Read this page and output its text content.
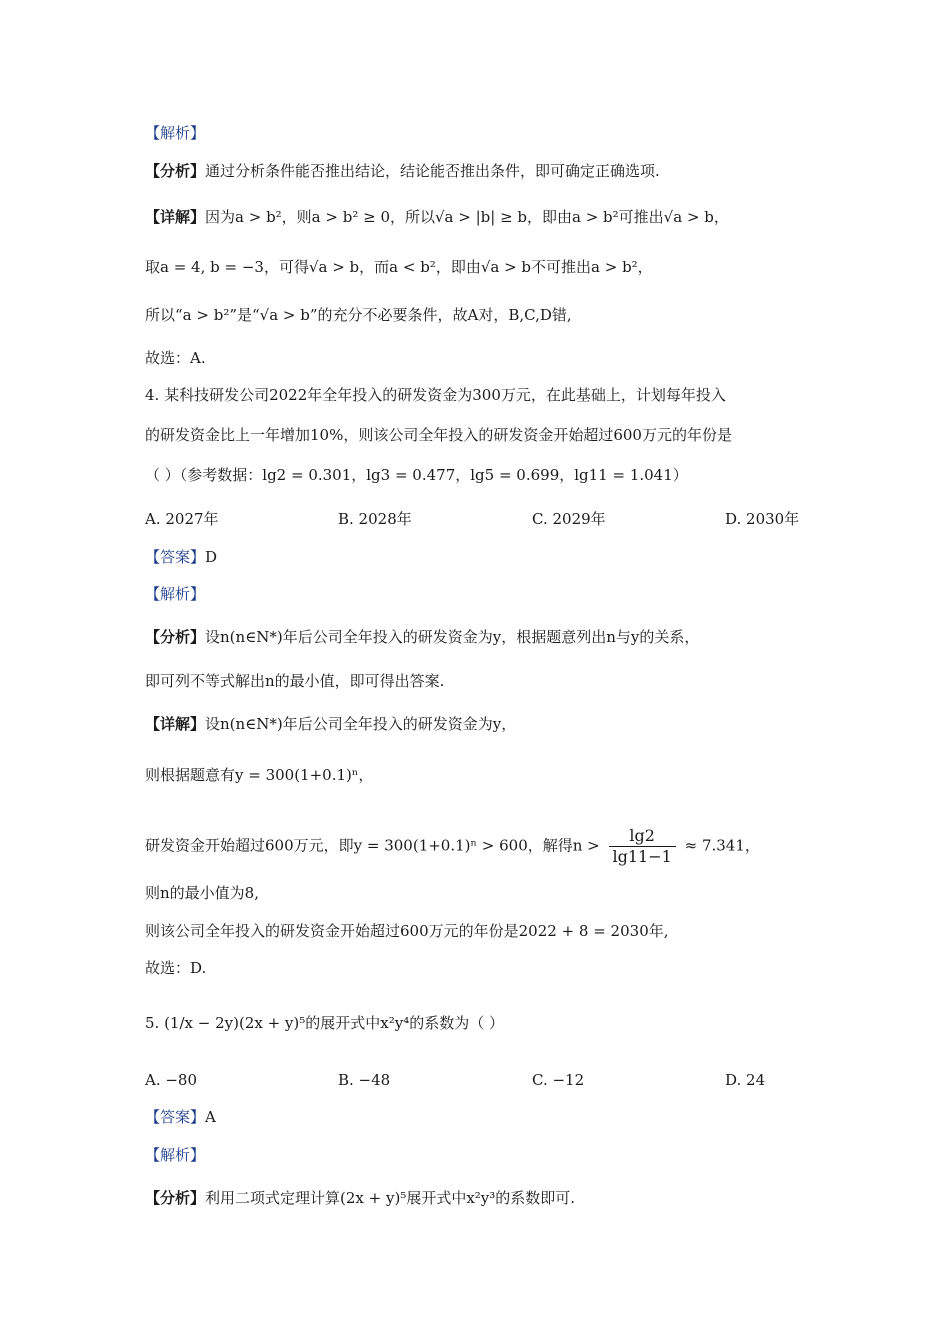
【解析】
【分析】通过分析条件能否推出结论，结论能否推出条件，即可确定正确选项.
【详解】因为a > b²，则a > b² ≥ 0，所以√a > |b| ≥ b，即由a > b²可推出√a > b，
取a = 4, b = −3，可得√a > b，而a < b²，即由√a > b不可推出a > b²，
所以“a > b²”是“√a > b”的充分不必要条件，故A对，B,C,D错,
故选：A.
4. 某科技研发公司2022年全年投入的研发资金为300万元，在此基础上，计划每年投入
的研发资金比上一年增加10%，则该公司全年投入的研发资金开始超过600万元的年份是
（ ）（参考数据：lg2 = 0.301，lg3 = 0.477，lg5 = 0.699，lg11 = 1.041）
A. 2027年	B. 2028年	C. 2029年	D. 2030年
【答案】D
【解析】
【分析】设n(n∈N*)年后公司全年投入的研发资金为y，根据题意列出n与y的关系，
即可列不等式解出n的最小值，即可得出答案.
【详解】设n(n∈N*)年后公司全年投入的研发资金为y，
则根据题意有y = 300(1+0.1)ⁿ，
研发资金开始超过600万元，即y = 300(1+0.1)ⁿ > 600，解得$n > \frac{\lg 2}{\lg 11-1} \approx 7.341$，
则n的最小值为8,
则该公司全年投入的研发资金开始超过600万元的年份是2022 + 8 = 2030年,
故选：D.
5. (1/x − 2y)(2x + y)⁵的展开式中x²y⁴的系数为（ ）
A. −80	B. −48	C. −12	D. 24
【答案】A
【解析】
【分析】利用二项式定理计算(2x + y)⁵展开式中x²y³的系数即可.
